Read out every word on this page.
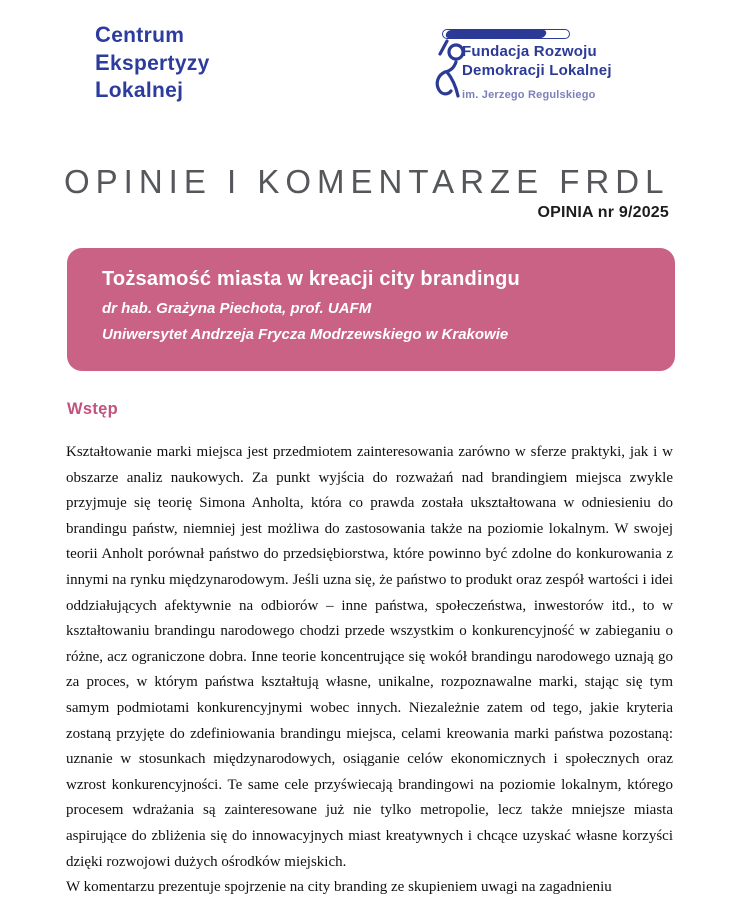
Centrum
Ekspertyzy
Lokalnej
Fundacja Rozwoju
Demokracji Lokalnej
im. Jerzego Regulskiego
OPINIE I KOMENTARZE FRDL
OPINIA nr 9/2025
Tożsamość miasta w kreacji city brandingu
dr hab. Grażyna Piechota, prof. UAFM
Uniwersytet Andrzeja Frycza Modrzewskiego w Krakowie
Wstęp

Kształtowanie marki miejsca jest przedmiotem zainteresowania zarówno w sferze praktyki, jak i w obszarze analiz naukowych. Za punkt wyjścia do rozważań nad brandingiem miejsca zwykle przyjmuje się teorię Simona Anholta, która co prawda została ukształtowana w odniesieniu do brandingu państw, niemniej jest możliwa do zastosowania także na poziomie lokalnym. W swojej teorii Anholt porównał państwo do przedsiębiorstwa, które powinno być zdolne do konkurowania z innymi na rynku międzynarodowym. Jeśli uzna się, że państwo to produkt oraz zespół wartości i idei oddziałujących afektywnie na odbiorów – inne państwa, społeczeństwa, inwestorów itd., to w kształtowaniu brandingu narodowego chodzi przede wszystkim o konkurencyjność w zabieganiu o różne, acz ograniczone dobra. Inne teorie koncentrujące się wokół brandingu narodowego uznają go za proces, w którym państwa kształtują własne, unikalne, rozpoznawalne marki, stając się tym samym podmiotami konkurencyjnymi wobec innych. Niezależnie zatem od tego, jakie kryteria zostaną przyjęte do zdefiniowania brandingu miejsca, celami kreowania marki państwa pozostaną: uznanie w stosunkach międzynarodowych, osiąganie celów ekonomicznych i społecznych oraz wzrost konkurencyjności. Te same cele przyświecają brandingowi na poziomie lokalnym, którego procesem wdrażania są zainteresowane już nie tylko metropolie, lecz także mniejsze miasta aspirujące do zbliżenia się do innowacyjnych miast kreatywnych i chcące uzyskać własne korzyści dzięki rozwojowi dużych ośrodków miejskich.

W komentarzu prezentuje spojrzenie na city branding ze skupieniem uwagi na zagadnieniu
